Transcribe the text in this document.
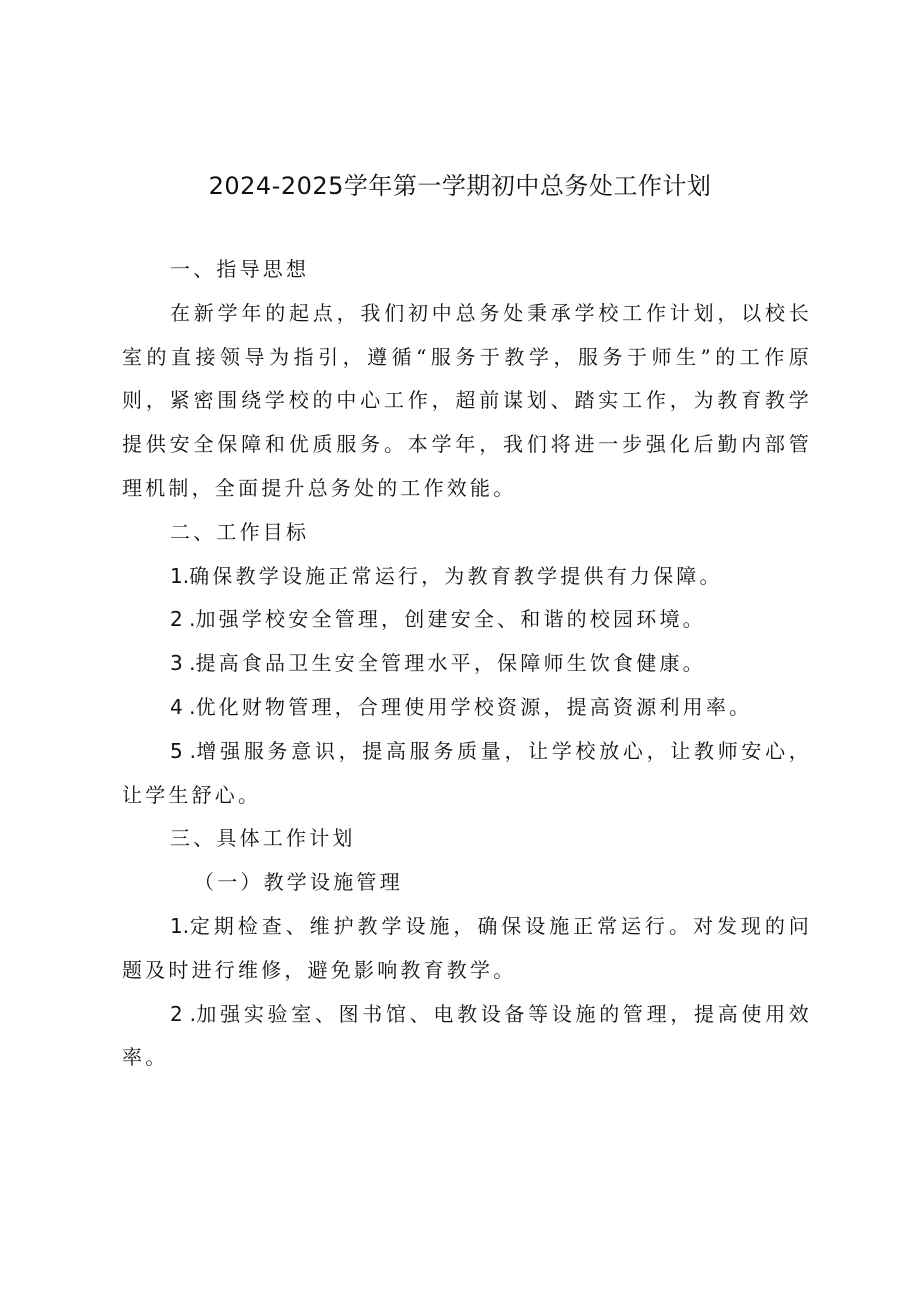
2024-2025学年第一学期初中总务处工作计划

一、指导思想

在新学年的起点，我们初中总务处秉承学校工作计划，以校长室的直接领导为指引，遵循“服务于教学，服务于师生”的工作原则，紧密围绕学校的中心工作，超前谋划、踏实工作，为教育教学提供安全保障和优质服务。本学年，我们将进一步强化后勤内部管理机制，全面提升总务处的工作效能。

二、工作目标

1.确保教学设施正常运行，为教育教学提供有力保障。

2 .加强学校安全管理，创建安全、和谐的校园环境。

3 .提高食品卫生安全管理水平，保障师生饮食健康。

4 .优化财物管理，合理使用学校资源，提高资源利用率。

5 .增强服务意识，提高服务质量，让学校放心，让教师安心，让学生舒心。

三、具体工作计划

（一）教学设施管理

1.定期检查、维护教学设施，确保设施正常运行。对发现的问题及时进行维修，避免影响教育教学。

2 .加强实验室、图书馆、电教设备等设施的管理，提高使用效率。
